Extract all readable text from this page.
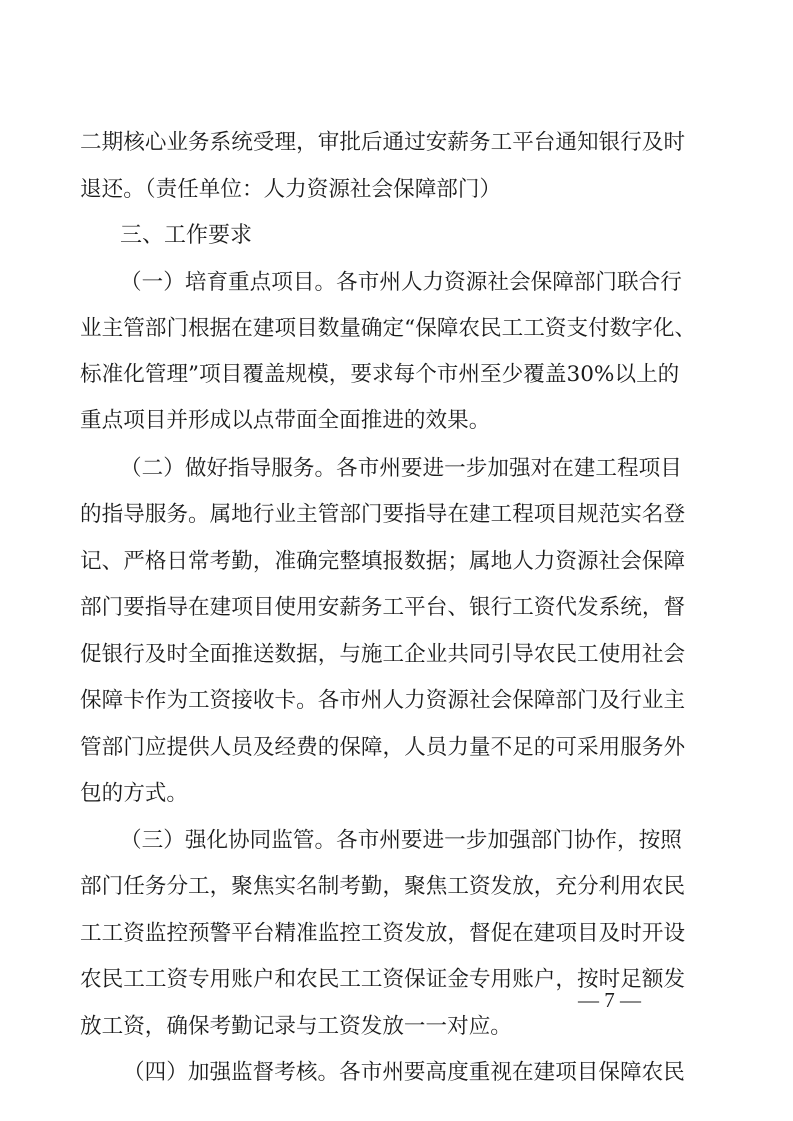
二 期 核 心 业 务 系 统 受 理 ， 审 批 后 通 过 安 薪 务 工 平 台 通 知 银 行 及 时
退还。（责任单位：人力资源社会保障部门）
三、工作要求
（ 一 ） 培 育 重 点 项 目 。 各 市 州 人 力 资 源 社 会 保 障 部 门 联 合 行
业 主 管 部 门 根 据 在 建 项 目 数 量 确 定 “ 保 障 农 民 工 工 资 支 付 数 字 化 、
标 准 化 管 理 ” 项 目 覆 盖 规 模 ， 要 求 每 个 市 州 至 少 覆 盖 30% 以 上 的
重点项目并形成以点带面全面推进的效果。
（ 二 ） 做 好 指 导 服 务 。 各 市 州 要 进 一 步 加 强 对 在 建 工 程 项 目
的 指 导 服 务 。 属 地 行 业 主 管 部 门 要 指 导 在 建 工 程 项 目 规 范 实 名 登
记 、 严 格 日 常 考 勤 ， 准 确 完 整 填 报 数 据 ； 属 地 人 力 资 源 社 会 保 障
部 门 要 指 导 在 建 项 目 使 用 安 薪 务 工 平 台 、 银 行 工 资 代 发 系 统 ， 督
促 银 行 及 时 全 面 推 送 数 据 ， 与 施 工 企 业 共 同 引 导 农 民 工 使 用 社 会
保 障 卡 作 为 工 资 接 收 卡 。 各 市 州 人 力 资 源 社 会 保 障 部 门 及 行 业 主
管 部 门 应 提 供 人 员 及 经 费 的 保 障 ， 人 员 力 量 不 足 的 可 采 用 服 务 外
包的方式。
（ 三 ） 强 化 协 同 监 管 。 各 市 州 要 进 一 步 加 强 部 门 协 作 ， 按 照
部 门 任 务 分 工 ， 聚 焦 实 名 制 考 勤 ， 聚 焦 工 资 发 放 ， 充 分 利 用 农 民
工 工 资 监 控 预 警 平 台 精 准 监 控 工 资 发 放 ， 督 促 在 建 项 目 及 时 开 设
农 民 工 工 资 专 用 账 户 和 农 民 工 工 资 保 证 金 专 用 账 户 ， 按 时 足 额 发
放工资，确保考勤记录与工资发放一一对应。
（ 四 ） 加 强 监 督 考 核 。 各 市 州 要 高 度 重 视 在 建 项 目 保 障 农 民
— 7 —
